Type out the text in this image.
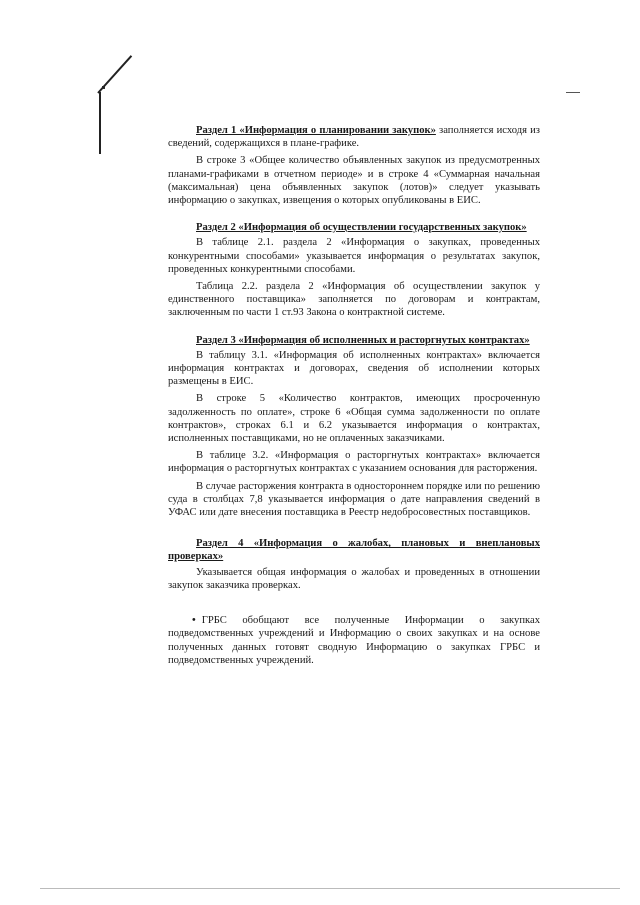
Раздел 1 «Информация о планировании закупок» заполняется исходя из сведений, содержащихся в плане-графике.

В строке 3 «Общее количество объявленных закупок из предусмотренных планами-графиками в отчетном периоде» и в строке 4 «Суммарная начальная (максимальная) цена объявленных закупок (лотов)» следует указывать информацию о закупках, извещения о которых опубликованы в ЕИС.

Раздел 2 «Информация об осуществлении государственных закупок»

В таблице 2.1. раздела 2 «Информация о закупках, проведенных конкурентными способами» указывается информация о результатах закупок, проведенных конкурентными способами.

Таблица 2.2. раздела 2 «Информация об осуществлении закупок у единственного поставщика» заполняется по договорам и контрактам, заключенным по части 1 ст.93 Закона о контрактной системе.

Раздел 3 «Информация об исполненных и расторгнутых контрактах»

В таблицу 3.1. «Информация об исполненных контрактах» включается информация контрактах и договорах, сведения об исполнении которых размещены в ЕИС.

В строке 5 «Количество контрактов, имеющих просроченную задолженность по оплате», строке 6 «Общая сумма задолженности по оплате контрактов», строках 6.1 и 6.2 указывается информация о контрактах, исполненных поставщиками, но не оплаченных заказчиками.

В таблице 3.2. «Информация о расторгнутых контрактах» включается информация о расторгнутых контрактах с указанием основания для расторжения.

В случае расторжения контракта в одностороннем порядке или по решению суда в столбцах 7,8 указывается информация о дате направления сведений в УФАС или дате внесения поставщика в Реестр недобросовестных поставщиков.

Раздел 4 «Информация о жалобах, плановых и внеплановых проверках»

Указывается общая информация о жалобах и проведенных в отношении закупок заказчика проверках.

• ГРБС обобщают все полученные Информации о закупках подведомственных учреждений и Информацию о своих закупках и на основе полученных данных готовят сводную Информацию о закупках ГРБС и подведомственных учреждений.
